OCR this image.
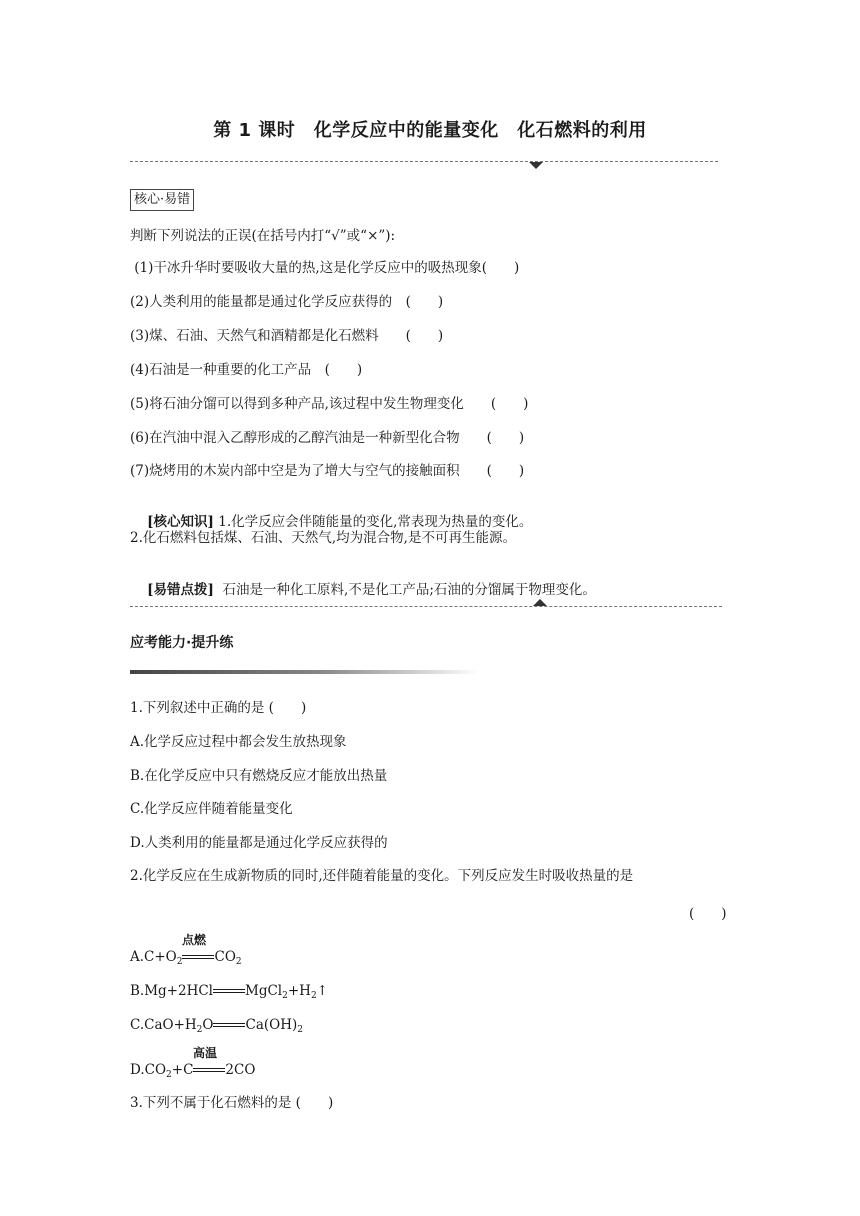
第 1 课时　化学反应中的能量变化　化石燃料的利用
核心·易错
判断下列说法的正误(在括号内打“√”或“×”):
(1)干冰升华时要吸收大量的热,这是化学反应中的吸热现象(　　)
(2)人类利用的能量都是通过化学反应获得的　(　　)
(3)煤、石油、天然气和酒精都是化石燃料　　(　　)
(4)石油是一种重要的化工产品　(　　)
(5)将石油分馏可以得到多种产品,该过程中发生物理变化　　(　　)
(6)在汽油中混入乙醇形成的乙醇汽油是一种新型化合物　　(　　)
(7)烧烤用的木炭内部中空是为了增大与空气的接触面积　　(　　)

[核心知识] 1.化学反应会伴随能量的变化,常表现为热量的变化。

2.化石燃料包括煤、石油、天然气,均为混合物,是不可再生能源。

[易错点拨]  石油是一种化工原料,不是化工产品;石油的分馏属于物理变化。

应考能力·提升练
1.下列叙述中正确的是 (　　)
A.化学反应过程中都会发生放热现象
B.在化学反应中只有燃烧反应才能放出热量
C.化学反应伴随着能量变化
D.人类利用的能量都是通过化学反应获得的
2.化学反应在生成新物质的同时,还伴随着能量的变化。下列反应发生时吸收热量的是
(　　)
$A.C+O_2$ $CO_2$
点燃
B.Mg+2HCl $MgCl_2+H_2↑$
$C.CaO+H_2O$ $Ca(OH)_2$
$D.CO_2+C$ 2CO
高温
3.下列不属于化石燃料的是 (　　)
